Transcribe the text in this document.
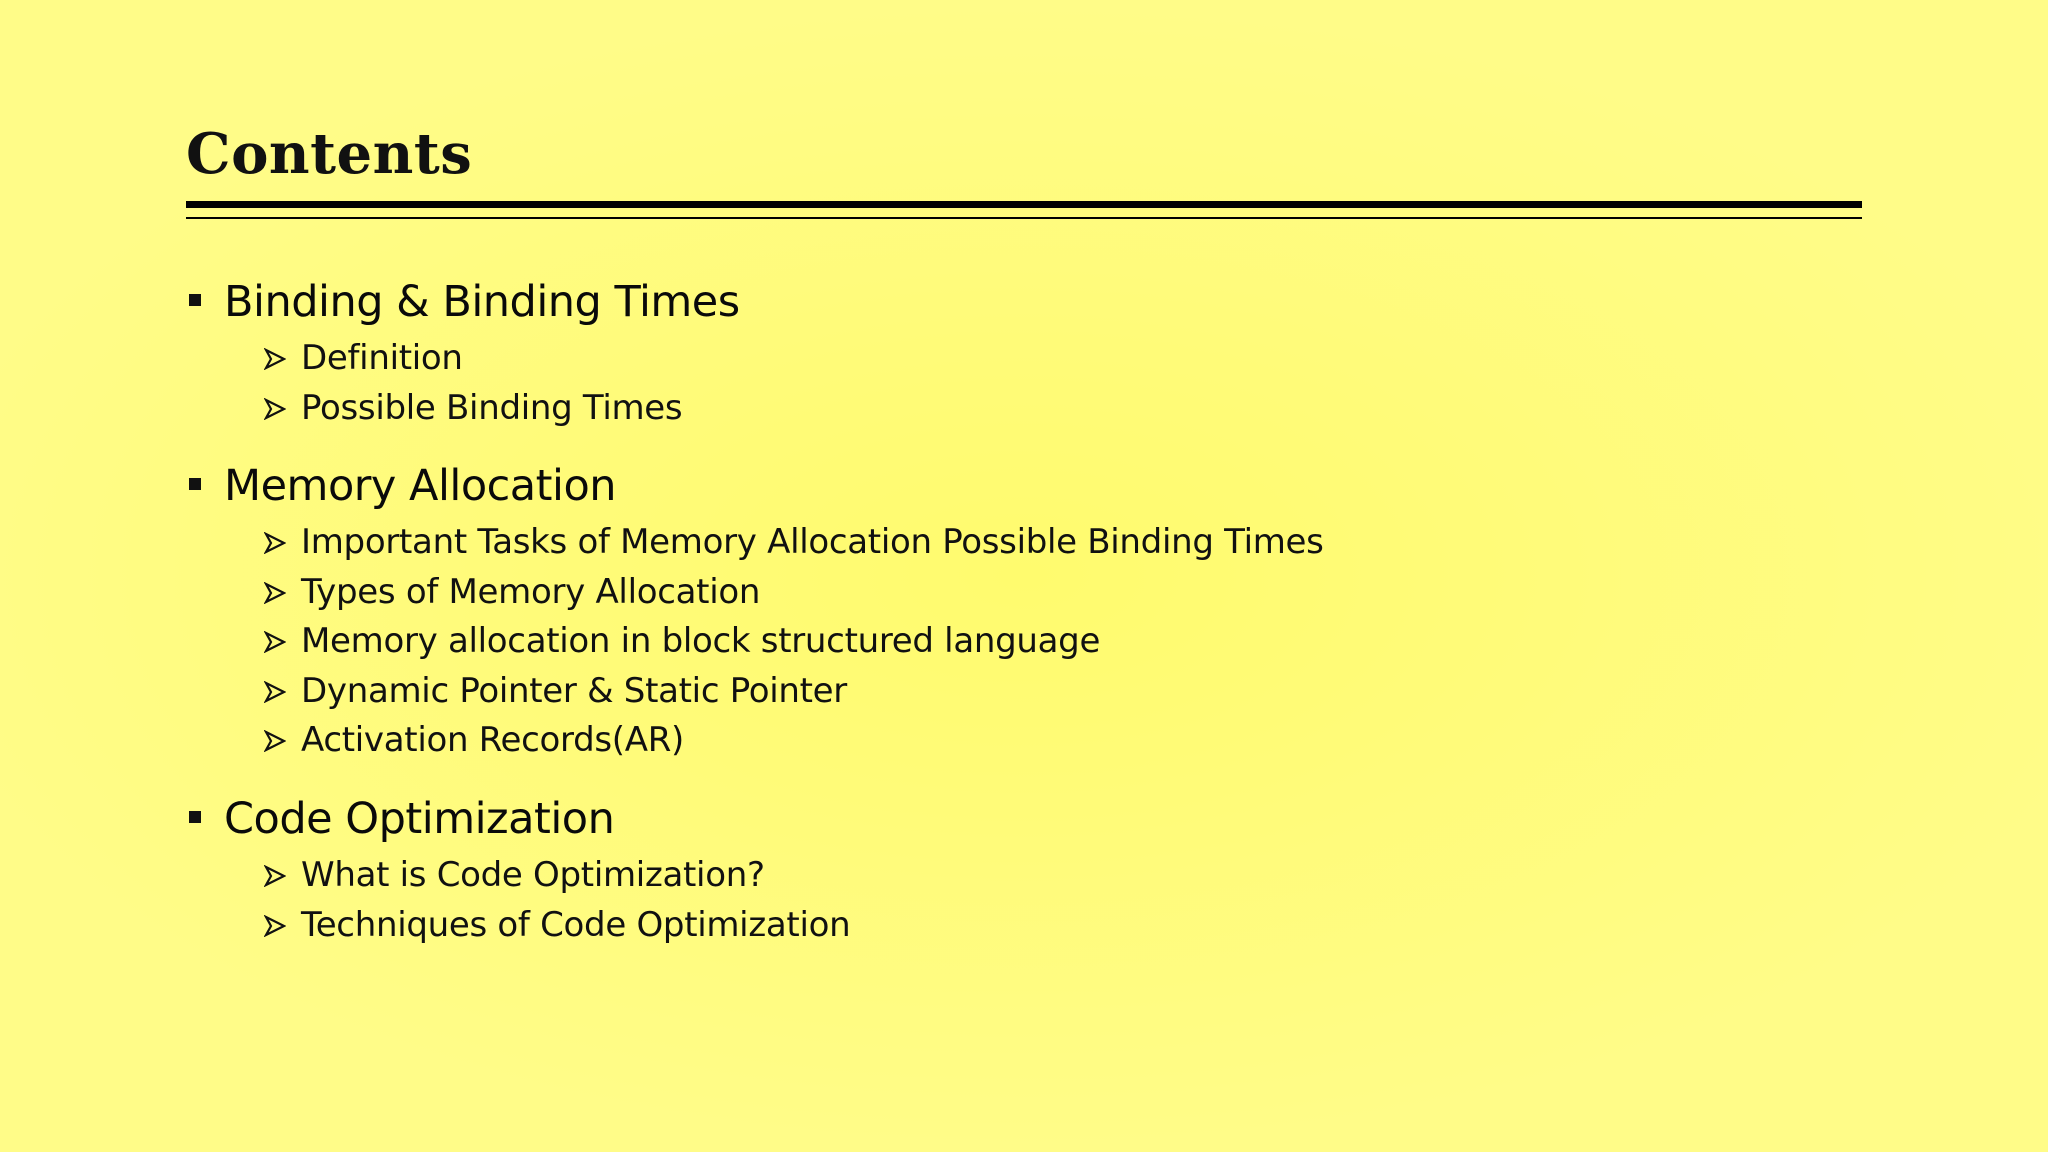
Contents
Binding & Binding Times
Definition
Possible Binding Times
Memory Allocation
Important Tasks of Memory Allocation Possible Binding Times
Types of Memory Allocation
Memory allocation in block structured language
Dynamic Pointer & Static Pointer
Activation Records(AR)
Code Optimization
What is Code Optimization?
Techniques of Code Optimization
